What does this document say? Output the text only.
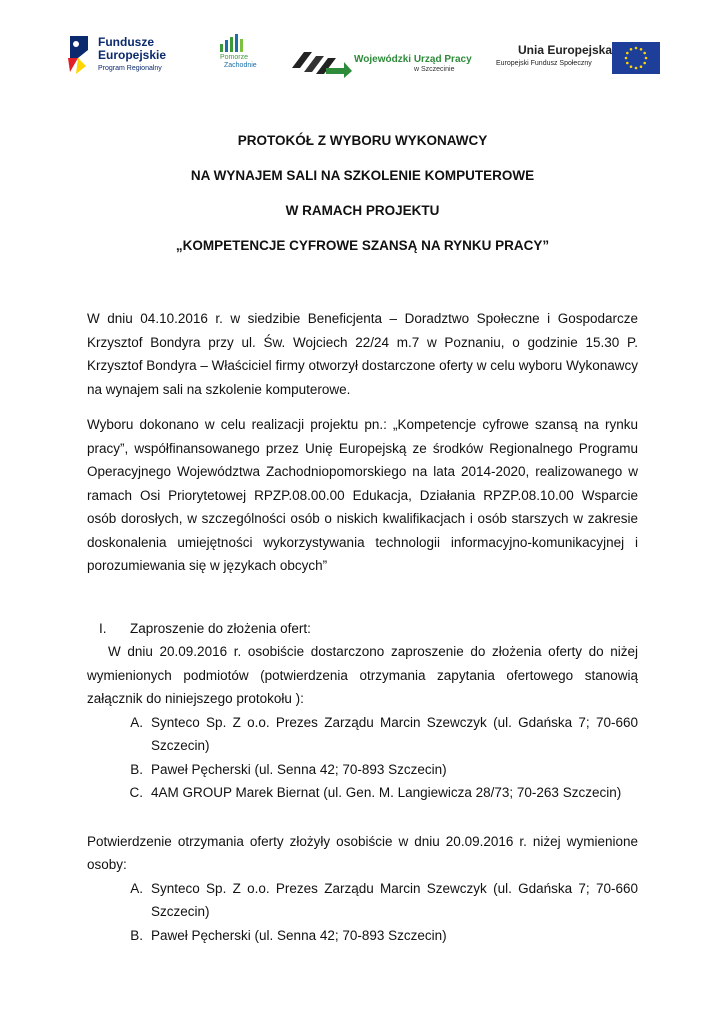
Fundusze
Europejskie
Program Regionalny
Pomorze
Zachodnie
Wojewódzki Urząd Pracy
w Szczecinie
Unia Europejska
Europejski Fundusz Społeczny
PROTOKÓŁ Z WYBORU WYKONAWCY
NA WYNAJEM SALI NA SZKOLENIE KOMPUTEROWE
W RAMACH PROJEKTU
„KOMPETENCJE CYFROWE SZANSĄ NA RYNKU PRACY”

W dniu 04.10.2016 r. w siedzibie Beneficjenta – Doradztwo Społeczne i Gospodarcze Krzysztof Bondyra przy ul. Św. Wojciech 22/24 m.7 w Poznaniu, o godzinie 15.30 P. Krzysztof Bondyra – Właściciel firmy otworzył dostarczone oferty w celu wyboru Wykonawcy na wynajem sali na szkolenie komputerowe.

Wyboru dokonano w celu realizacji projektu pn.: „Kompetencje cyfrowe szansą na rynku pracy”, współfinansowanego przez Unię Europejską ze środków Regionalnego Programu Operacyjnego Województwa Zachodniopomorskiego na lata 2014-2020, realizowanego w ramach Osi Priorytetowej RPZP.08.00.00 Edukacja, Działania RPZP.08.10.00 Wsparcie osób dorosłych, w szczególności osób o niskich kwalifikacjach i osób starszych w zakresie doskonalenia umiejętności wykorzystywania technologii informacyjno-komunikacyjnej i porozumiewania się w językach obcych”

I.	Zaproszenie do złożenia ofert:

W dniu 20.09.2016 r. osobiście dostarczono zaproszenie do złożenia oferty do niżej wymienionych podmiotów (potwierdzenia otrzymania zapytania ofertowego stanowią załącznik do niniejszego protokołu ):

A. Synteco Sp. Z o.o. Prezes Zarządu Marcin Szewczyk (ul. Gdańska 7; 70-660 Szczecin)
B. Paweł Pęcherski (ul. Senna 42; 70-893 Szczecin)
C. 4AM GROUP Marek Biernat (ul. Gen. M. Langiewicza 28/73; 70-263 Szczecin)

Potwierdzenie otrzymania oferty złożyły osobiście w dniu 20.09.2016 r. niżej wymienione osoby:

A. Synteco Sp. Z o.o. Prezes Zarządu Marcin Szewczyk (ul. Gdańska 7; 70-660 Szczecin)
B. Paweł Pęcherski (ul. Senna 42; 70-893 Szczecin)
